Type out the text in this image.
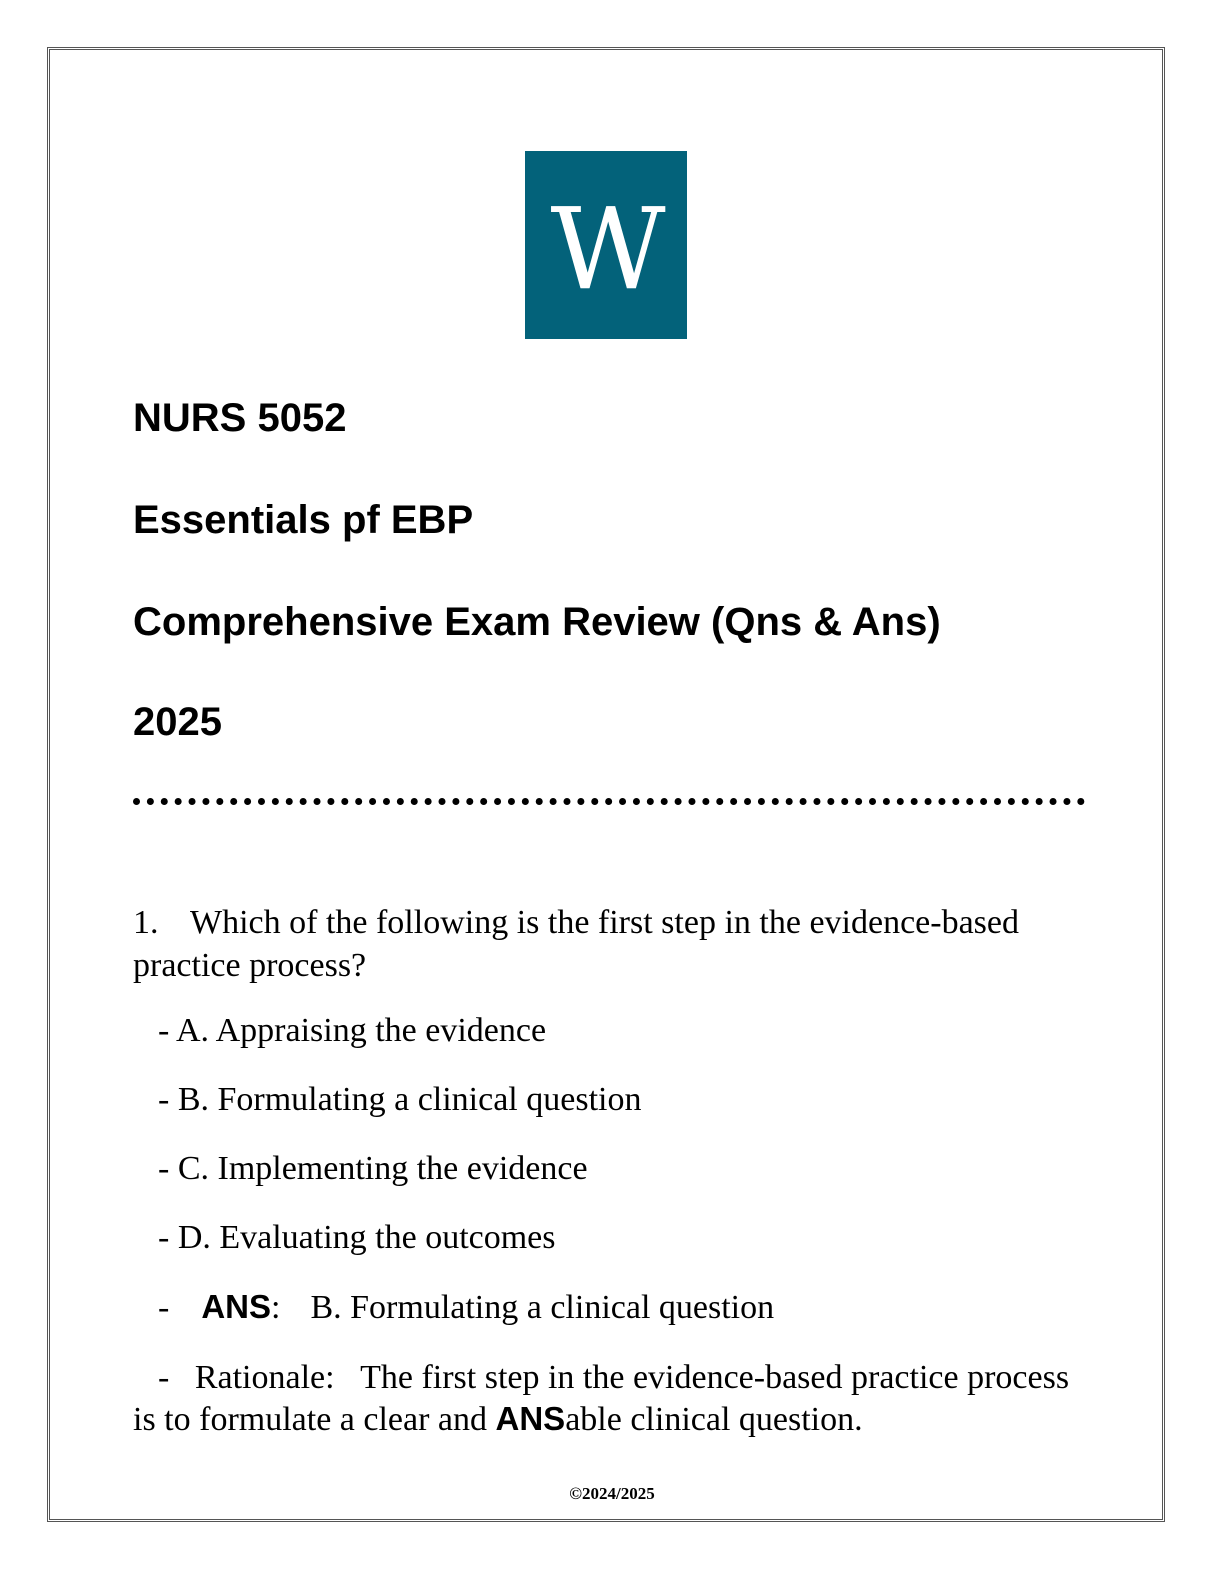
W
NURS 5052
Essentials pf EBP
Comprehensive Exam Review (Qns & Ans)
2025

1. Which of the following is the first step in the evidence-based practice process?

- A. Appraising the evidence

- B. Formulating a clinical question

- C. Implementing the evidence

- D. Evaluating the outcomes

- ANS: B. Formulating a clinical question

- Rationale: The first step in the evidence-based practice process is to formulate a clear and ANSable clinical question.

©2024/2025
